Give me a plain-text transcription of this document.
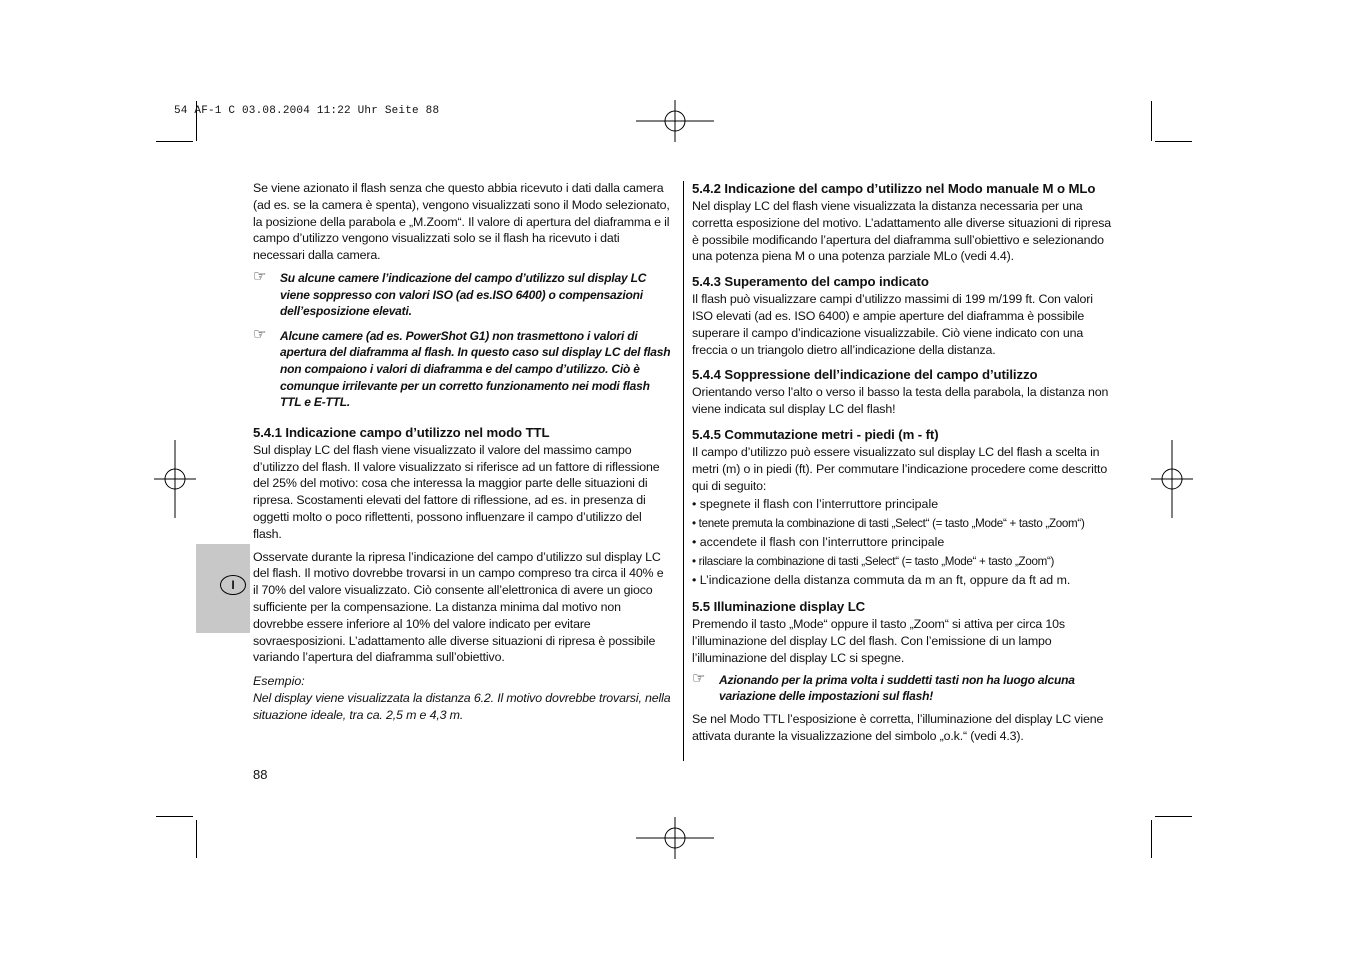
54 AF-1 C 03.08.2004 11:22 Uhr Seite 88
I

Se viene azionato il flash senza che questo abbia ricevuto i dati dalla camera (ad es. se la camera è spenta), vengono visualizzati sono il Modo selezionato, la posizione della parabola e „M.Zoom“. Il valore di apertura del diaframma e il campo d’utilizzo vengono visualizzati solo se il flash ha ricevuto i dati necessari dalla camera.

☞ Su alcune camere l’indicazione del campo d’utilizzo sul display LC viene soppresso con valori ISO (ad es.ISO 6400) o compensazioni dell’esposizione elevati.
☞ Alcune camere (ad es. PowerShot G1) non trasmettono i valori di apertura del diaframma al flash. In questo caso sul display LC del flash non compaiono i valori di diaframma e del campo d’utilizzo. Ciò è comunque irrilevante per un corretto funzionamento nei modi flash TTL e E-TTL.

5.4.1 Indicazione campo d’utilizzo nel modo TTL

Sul display LC del flash viene visualizzato il valore del massimo campo d’utilizzo del flash. Il valore visualizzato si riferisce ad un fattore di riflessione del 25% del motivo: cosa che interessa la maggior parte delle situazioni di ripresa. Scostamenti elevati del fattore di riflessione, ad es. in presenza di oggetti molto o poco riflettenti, possono influenzare il campo d’utilizzo del flash.

Osservate durante la ripresa l’indicazione del campo d’utilizzo sul display LC del flash. Il motivo dovrebbe trovarsi in un campo compreso tra circa il 40% e il 70% del valore visualizzato. Ciò consente all’elettronica di avere un gioco sufficiente per la compensazione. La distanza minima dal motivo non dovrebbe essere inferiore al 10% del valore indicato per evitare sovraesposizioni. L’adattamento alle diverse situazioni di ripresa è possibile variando l’apertura del diaframma sull’obiettivo.

Esempio:

Nel display viene visualizzata la distanza 6.2. Il motivo dovrebbe trovarsi, nella situazione ideale, tra ca. 2,5 m e 4,3 m.

5.4.2 Indicazione del campo d’utilizzo nel Modo manuale M o MLo

Nel display LC del flash viene visualizzata la distanza necessaria per una corretta esposizione del motivo. L’adattamento alle diverse situazioni di ripresa è possibile modificando l’apertura del diaframma sull’obiettivo e selezionando una potenza piena M o una potenza parziale MLo (vedi 4.4).

5.4.3 Superamento del campo indicato

Il flash può visualizzare campi d’utilizzo massimi di 199 m/199 ft. Con valori ISO elevati (ad es. ISO 6400) e ampie aperture del diaframma è possibile superare il campo d’indicazione visualizzabile. Ciò viene indicato con una freccia o un triangolo dietro all’indicazione della distanza.

5.4.4 Soppressione dell’indicazione del campo d’utilizzo

Orientando verso l’alto o verso il basso la testa della parabola, la distanza non viene indicata sul display LC del flash!

5.4.5 Commutazione metri - piedi (m - ft)

Il campo d’utilizzo può essere visualizzato sul display LC del flash a scelta in metri (m) o in piedi (ft). Per commutare l’indicazione procedere come descritto qui di seguito:

• spegnete il flash con l’interruttore principale

• tenete premuta la combinazione di tasti „Select“ (= tasto „Mode“ + tasto „Zoom“)

• accendete il flash con l’interruttore principale

• rilasciare la combinazione di tasti „Select“ (= tasto „Mode“ + tasto „Zoom“)

• L’indicazione della distanza commuta da m an ft, oppure da ft ad m.

5.5 Illuminazione display LC

Premendo il tasto „Mode“ oppure il tasto „Zoom“ si attiva per circa 10s l’illuminazione del display LC del flash. Con l’emissione di un lampo l’illuminazione del display LC si spegne.

☞ Azionando per la prima volta i suddetti tasti non ha luogo alcuna variazione delle impostazioni sul flash!

Se nel Modo TTL l’esposizione è corretta, l’illuminazione del display LC viene attivata durante la visualizzazione del simbolo „o.k.“ (vedi 4.3).

88
